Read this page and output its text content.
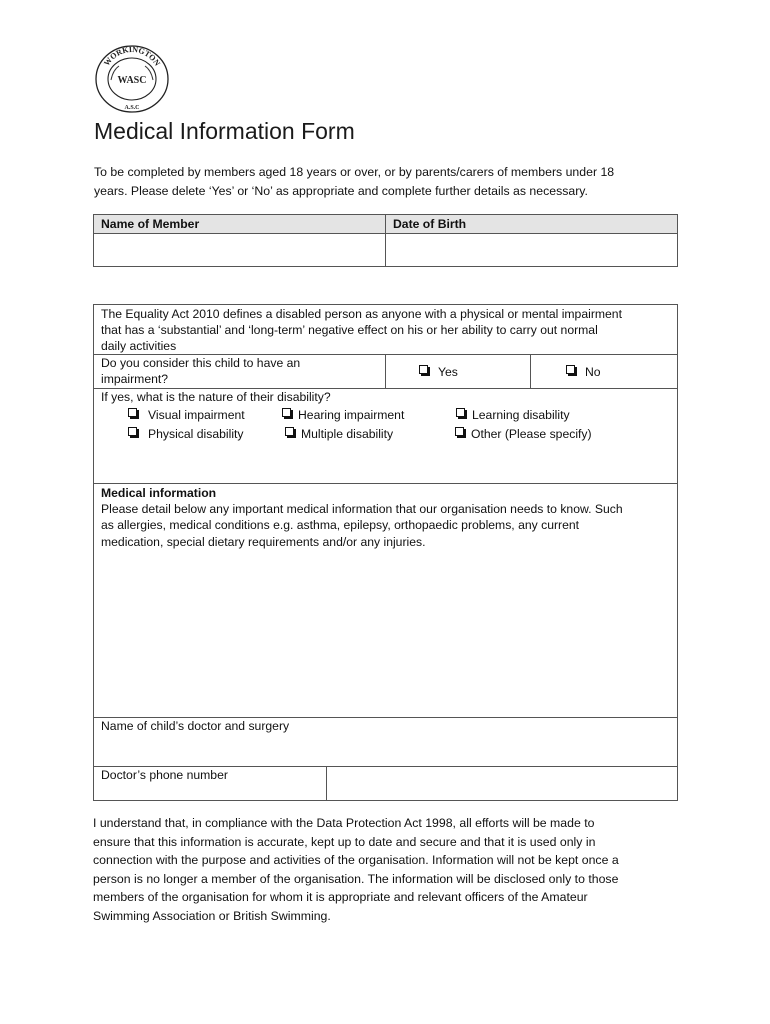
WORKINGTON
WASC
A.S.C
Medical Information Form
To be completed by members aged 18 years or over, or by parents/carers of members under 18
years. Please delete ‘Yes’ or ‘No’ as appropriate and complete further details as necessary.
Name of Member	Date of Birth
The Equality Act 2010 defines a disabled person as anyone with a physical or mental impairment
that has a ‘substantial’ and ‘long-term’ negative effect on his or her ability to carry out normal
daily activities
Do you consider this child to have an
impairment?	Yes	No
If yes, what is the nature of their disability?
Visual impairment	Hearing impairment	Learning disability
Physical disability	Multiple disability	Other (Please specify)
Medical information
Please detail below any important medical information that our organisation needs to know. Such
as allergies, medical conditions e.g. asthma, epilepsy, orthopaedic problems, any current
medication, special dietary requirements and/or any injuries.
Name of child’s doctor and surgery
Doctor’s phone number
I understand that, in compliance with the Data Protection Act 1998, all efforts will be made to
ensure that this information is accurate, kept up to date and secure and that it is used only in
connection with the purpose and activities of the organisation. Information will not be kept once a
person is no longer a member of the organisation. The information will be disclosed only to those
members of the organisation for whom it is appropriate and relevant officers of the Amateur
Swimming Association or British Swimming.
